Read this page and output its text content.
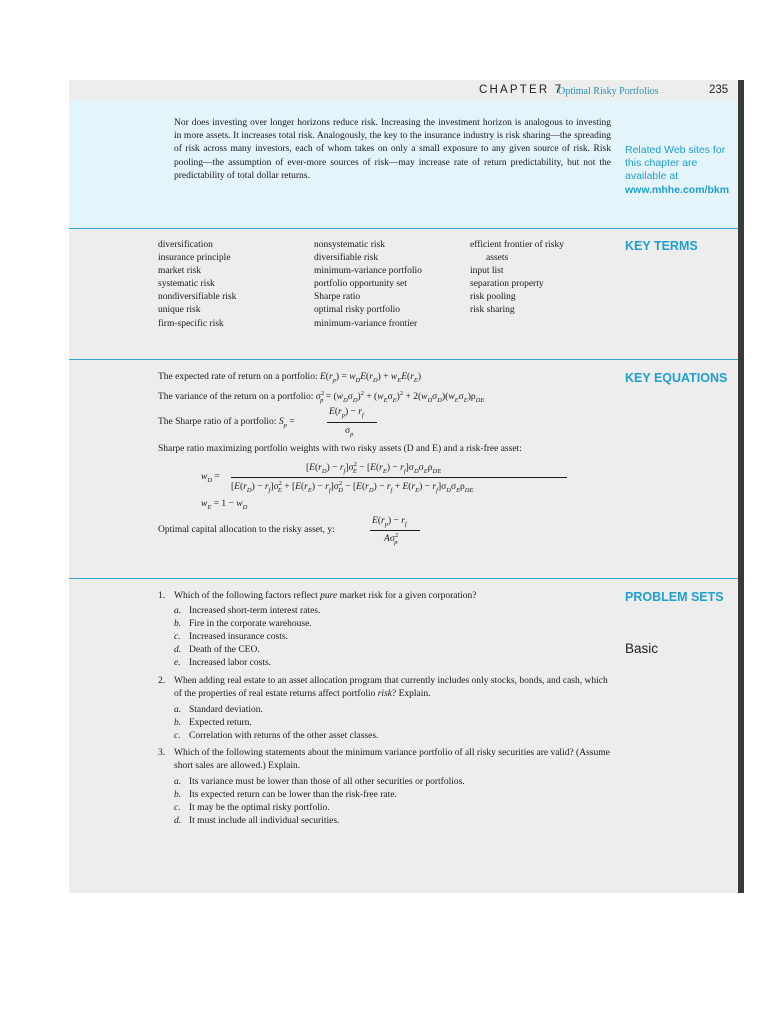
CHAPTER 7
Optimal Risky Portfolios	235

Nor does investing over longer horizons reduce risk. Increasing the investment horizon is analogous to investing in more assets. It increases total risk. Analogously, the key to the insurance industry is risk sharing—the spreading of risk across many investors, each of whom takes on only a small exposure to any given source of risk. Risk pooling—the assumption of ever-more sources of risk—may increase rate of return predictability, but not the predictability of total dollar returns.

Related Web sites for this chapter are available at www.mhhe.com/bkm
KEY TERMS
diversification
insurance principle
market risk
systematic risk
nondiversifiable risk
unique risk
firm-specific risk
nonsystematic risk
diversifiable risk
minimum-variance portfolio
portfolio opportunity set
Sharpe ratio
optimal risky portfolio
minimum-variance frontier
efficient frontier of risky
assets
input list
separation property
risk pooling
risk sharing
KEY EQUATIONS
The expected rate of return on a portfolio: $E(r_p) = w_DE(r_D) + w_EE(r_E)$
The variance of the return on a portfolio: $\sigma^2_p = (w_D\sigma_D)^2 + (w_E\sigma_E)^2 + 2(w_D\sigma_D)(w_E\sigma_E)\rho_{DE}$
The Sharpe ratio of a portfolio: $S_p$ =
$E(r_p) - r_f$
$\sigma_p$
Sharpe ratio maximizing portfolio weights with two risky assets (D and E) and a risk-free asset:
$w_D$ =
$[E(r_D) - r_f]\sigma^2_E - [E(r_E) - r_f]\sigma_D\sigma_E\rho_{DE}$
$[E(r_D) - r_f]\sigma^2_E + [E(r_E) - r_f]\sigma^2_D - [E(r_D) - r_f + E(r_E) - r_f]\sigma_D\sigma_E\rho_{DE}$
$w_E = 1 - w_D$
Optimal capital allocation to the risky asset, y:
$E(r_p) - r_f$
$A\sigma^2_p$
PROBLEM SETS
Basic
1. Which of the following factors reflect pure market risk for a given corporation?
a. Increased short-term interest rates.
b. Fire in the corporate warehouse.
c. Increased insurance costs.
d. Death of the CEO.
e. Increased labor costs.
2. When adding real estate to an asset allocation program that currently includes only stocks, bonds, and cash, which of the properties of real estate returns affect portfolio risk? Explain.
a. Standard deviation.
b. Expected return.
c. Correlation with returns of the other asset classes.
3. Which of the following statements about the minimum variance portfolio of all risky securities are valid? (Assume short sales are allowed.) Explain.
a. Its variance must be lower than those of all other securities or portfolios.
b. Its expected return can be lower than the risk-free rate.
c. It may be the optimal risky portfolio.
d. It must include all individual securities.
